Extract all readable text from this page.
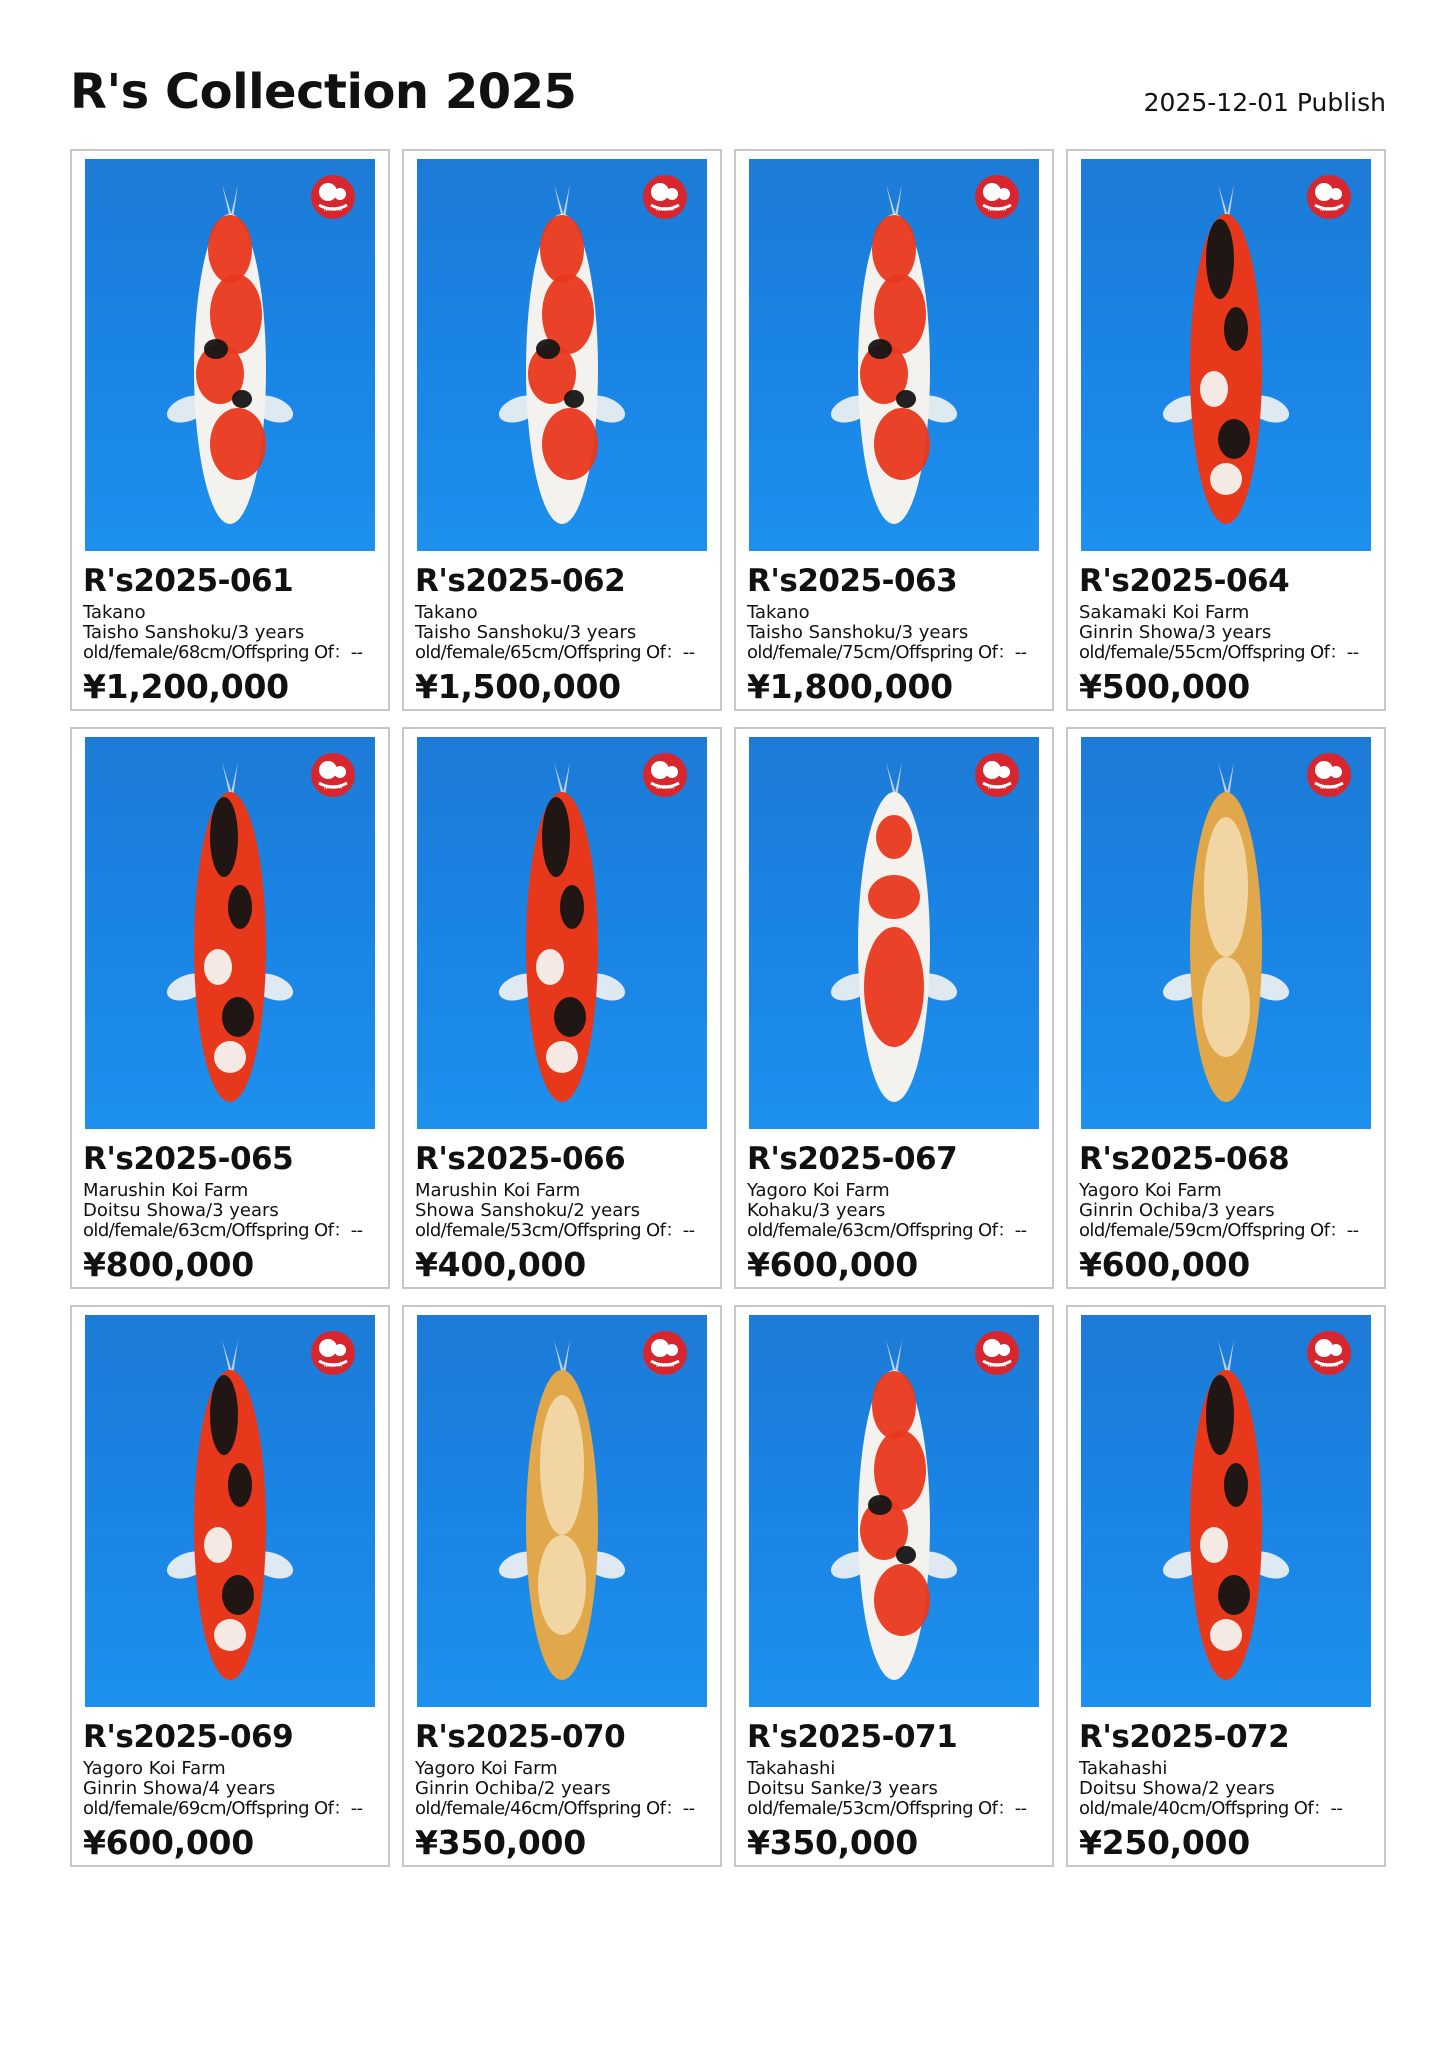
R's Collection 2025	2025-12-01 Publish
NARITA
R's2025-061
Takano
Taisho Sanshoku/3 years
old/female/68cm/Offspring Of：--
¥1,200,000
NARITA
R's2025-062
Takano
Taisho Sanshoku/3 years
old/female/65cm/Offspring Of：--
¥1,500,000
NARITA
R's2025-063
Takano
Taisho Sanshoku/3 years
old/female/75cm/Offspring Of：--
¥1,800,000
NARITA
R's2025-064
Sakamaki Koi Farm
Ginrin Showa/3 years
old/female/55cm/Offspring Of：--
¥500,000
NARITA
R's2025-065
Marushin Koi Farm
Doitsu Showa/3 years
old/female/63cm/Offspring Of：--
¥800,000
NARITA
R's2025-066
Marushin Koi Farm
Showa Sanshoku/2 years
old/female/53cm/Offspring Of：--
¥400,000
NARITA
R's2025-067
Yagoro Koi Farm
Kohaku/3 years
old/female/63cm/Offspring Of：--
¥600,000
NARITA
R's2025-068
Yagoro Koi Farm
Ginrin Ochiba/3 years
old/female/59cm/Offspring Of：--
¥600,000
NARITA
R's2025-069
Yagoro Koi Farm
Ginrin Showa/4 years
old/female/69cm/Offspring Of：--
¥600,000
NARITA
R's2025-070
Yagoro Koi Farm
Ginrin Ochiba/2 years
old/female/46cm/Offspring Of：--
¥350,000
NARITA
R's2025-071
Takahashi
Doitsu Sanke/3 years
old/female/53cm/Offspring Of：--
¥350,000
NARITA
R's2025-072
Takahashi
Doitsu Showa/2 years
old/male/40cm/Offspring Of：--
¥250,000
